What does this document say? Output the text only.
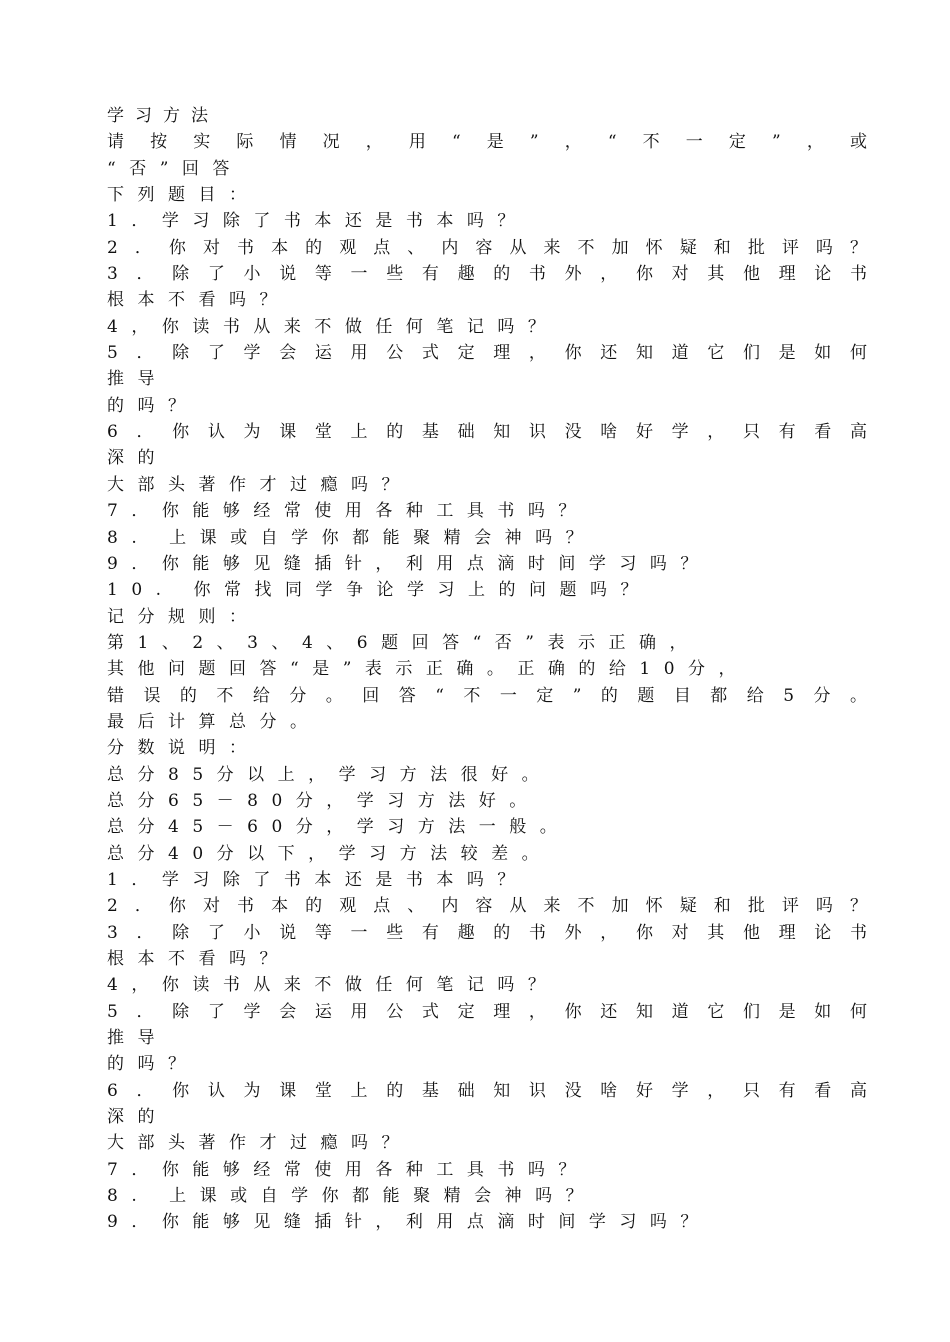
学习方法
请​按​实​际​情​况​，​用​“​是​”​，​“​不​一​定​”​，​或
“否”回答
下列题目：
1．学习除了书本还是书本吗？
2​．​你​对​书​本​的​观​点​、​内​容​从​来​不​加​怀​疑​和​批​评​吗​？
3​．​除​了​小​说​等​一​些​有​趣​的​书​外​，​你​对​其​他​理​论​书
根本不看吗？
4，你读书从来不做任何笔记吗？
5​．​除​了​学​会​运​用​公​式​定​理​，​你​还​知​道​它​们​是​如​何
推导
的吗？
6​．​你​认​为​课​堂​上​的​基​础​知​识​没​啥​好​学​，​只​有​看​高
深的
大部头著作才过瘾吗？
7．你能够经常使用各种工具书吗？
8. 上课或自学你都能聚精会神吗？
9．你能够见缝插针，利用点滴时间学习吗？
10. 你常找同学争论学习上的问题吗？
记分规则：
第1、2、3、4、6题回答“否”表示正确，
其他问题回答“是”表示正确。正确的给10分，
错​误​的​不​给​分​。​回​答​“​不​一​定​”​的​题​目​都​给​5​分​。
最后计算总分。
分数说明：
总分85分以上，学习方法很好。
总分65－80分，学习方法好。
总分45－60分，学习方法一般。
总分40分以下，学习方法较差。
1．学习除了书本还是书本吗？
2​．​你​对​书​本​的​观​点​、​内​容​从​来​不​加​怀​疑​和​批​评​吗​？
3​．​除​了​小​说​等​一​些​有​趣​的​书​外​，​你​对​其​他​理​论​书
根本不看吗？
4，你读书从来不做任何笔记吗？
5​．​除​了​学​会​运​用​公​式​定​理​，​你​还​知​道​它​们​是​如​何
推导
的吗？
6​．​你​认​为​课​堂​上​的​基​础​知​识​没​啥​好​学​，​只​有​看​高
深的
大部头著作才过瘾吗？
7．你能够经常使用各种工具书吗？
8. 上课或自学你都能聚精会神吗？
9．你能够见缝插针，利用点滴时间学习吗？
